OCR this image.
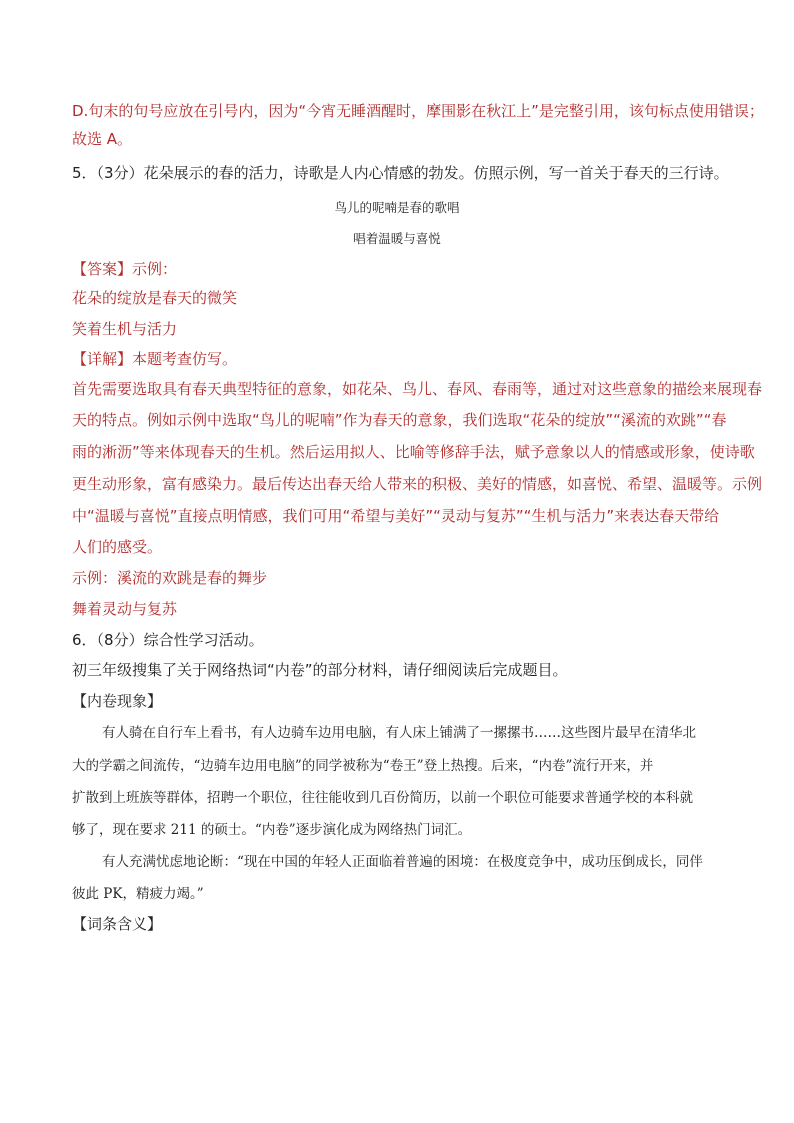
D.句末的句号应放在引号内，因为“今宵无睡酒醒时，摩围影在秋江上”是完整引用，该句标点使用错误；
故选 A。
5．（3分）花朵展示的春的活力，诗歌是人内心情感的勃发。仿照示例，写一首关于春天的三行诗。
鸟儿的呢喃是春的歌唱
唱着温暖与喜悦
【答案】示例：
花朵的绽放是春天的微笑
笑着生机与活力
【详解】本题考查仿写。
首先需要选取具有春天典型特征的意象，如花朵、鸟儿、春风、春雨等，通过对这些意象的描绘来展现春
天的特点。例如示例中选取“鸟儿的呢喃”作为春天的意象，我们选取“花朵的绽放”“溪流的欢跳”“春
雨的淅沥”等来体现春天的生机。然后运用拟人、比喻等修辞手法，赋予意象以人的情感或形象，使诗歌
更生动形象，富有感染力。最后传达出春天给人带来的积极、美好的情感，如喜悦、希望、温暖等。示例
中“温暖与喜悦”直接点明情感，我们可用“希望与美好”“灵动与复苏”“生机与活力”来表达春天带给
人们的感受。
示例：溪流的欢跳是春的舞步
舞着灵动与复苏
6．（8分）综合性学习活动。
初三年级搜集了关于网络热词“内卷”的部分材料，请仔细阅读后完成题目。
【内卷现象】
有人骑在自行车上看书，有人边骑车边用电脑，有人床上铺满了一摞摞书……这些图片最早在清华北
大的学霸之间流传，“边骑车边用电脑”的同学被称为“卷王”登上热搜。后来，“内卷”流行开来，并
扩散到上班族等群体，招聘一个职位，往往能收到几百份简历，以前一个职位可能要求普通学校的本科就
够了，现在要求 211 的硕士。“内卷”逐步演化成为网络热门词汇。
有人充满忧虑地论断：“现在中国的年轻人正面临着普遍的困境：在极度竞争中，成功压倒成长，同伴
彼此 PK，精疲力竭。”
【词条含义】
